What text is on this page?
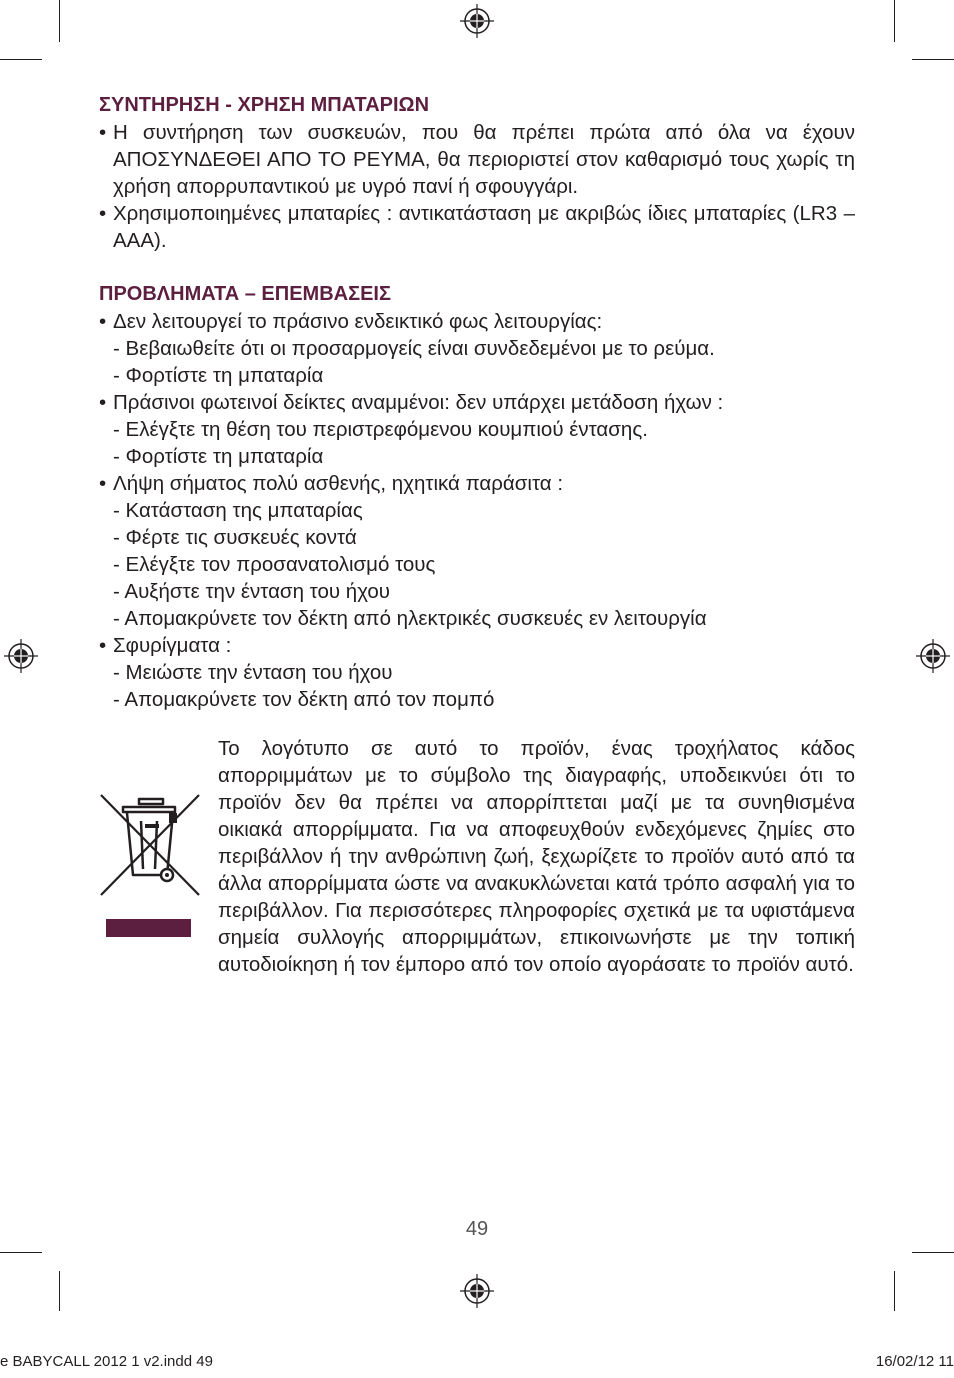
ΣΥΝΤΗΡΗΣΗ - ΧΡΗΣΗ ΜΠΑΤΑΡΙΩΝ
• Η συντήρηση των συσκευών, που θα πρέπει πρώτα από όλα να έχουν ΑΠΟΣΥΝΔΕΘΕΙ ΑΠΟ ΤΟ ΡΕΥΜΑ, θα περιοριστεί στον καθαρισμό τους χωρίς τη χρήση απορρυπαντικού με υγρό πανί ή σφουγγάρι.
• Χρησιμοποιημένες μπαταρίες : αντικατάσταση με ακριβώς ίδιες μπαταρίες (LR3 – AAA).
ΠΡΟΒΛΗΜΑΤΑ – ΕΠΕΜΒΑΣΕΙΣ
• Δεν λειτουργεί το πράσινο ενδεικτικό φως λειτουργίας:

- Βεβαιωθείτε ότι οι προσαρμογείς είναι συνδεδεμένοι με το ρεύμα.

- Φορτίστε τη μπαταρία

• Πράσινοι φωτεινοί δείκτες αναμμένοι: δεν υπάρχει μετάδοση ήχων :

- Ελέγξτε τη θέση του περιστρεφόμενου κουμπιού έντασης.

- Φορτίστε τη μπαταρία

• Λήψη σήματος πολύ ασθενής, ηχητικά παράσιτα :

- Κατάσταση της μπαταρίας

- Φέρτε τις συσκευές κοντά

- Ελέγξτε τον προσανατολισμό τους

- Αυξήστε την ένταση του ήχου

- Απομακρύνετε τον δέκτη από ηλεκτρικές συσκευές εν λειτουργία

• Σφυρίγματα :

- Μειώστε την ένταση του ήχου

- Απομακρύνετε τον δέκτη από τον πομπό

Το λογότυπο σε αυτό το προϊόν, ένας τροχήλατος κάδος απορριμμάτων με το σύμβολο της διαγραφής, υποδεικνύει ότι το προϊόν δεν θα πρέπει να απορρίπτεται μαζί με τα συνηθισμένα οικιακά απορρίμματα. Για να αποφευχθούν ενδεχόμενες ζημίες στο περιβάλλον ή την ανθρώπινη ζωή, ξεχωρίζετε το προϊόν αυτό από τα άλλα απορρίμματα ώστε να ανακυκλώνεται κατά τρόπο ασφαλή για το περιβάλλον. Για περισσότερες πληροφορίες σχετικά με τα υφιστάμενα σημεία συλλογής απορριμμάτων, επικοινωνήστε με την τοπική αυτοδιοίκηση ή τον έμπορο από τον οποίο αγοράσατε το προϊόν αυτό.

49
e BABYCALL 2012 1 v2.indd 49	16/02/12 11
